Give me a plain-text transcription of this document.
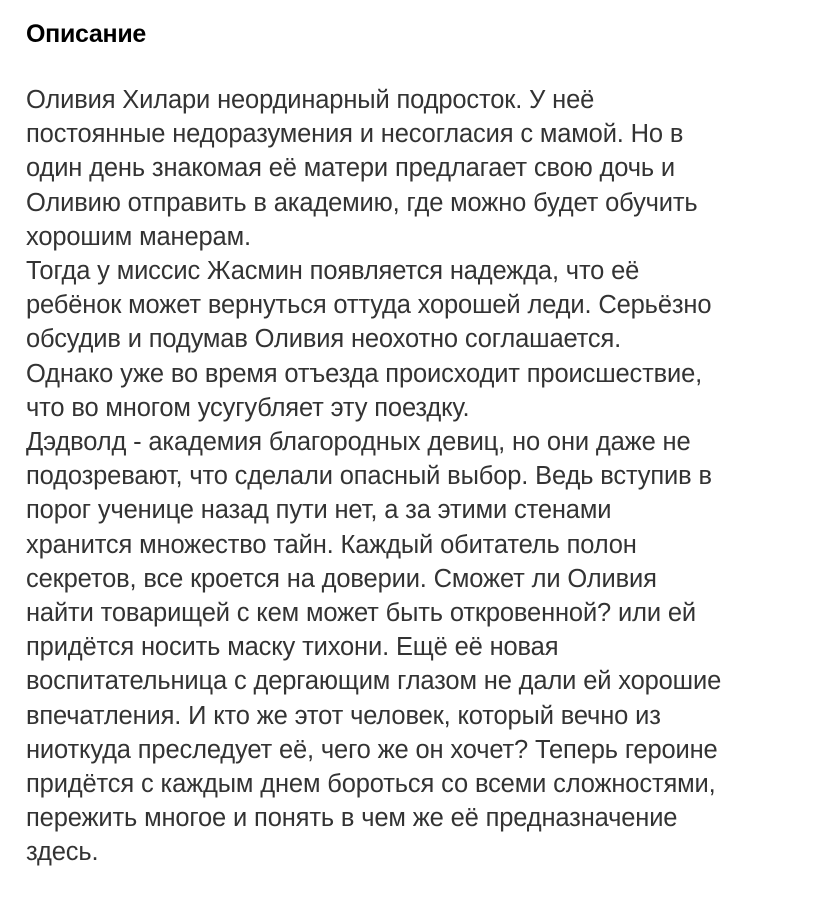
Описание
Оливия Хилари неординарный подросток. У неё
постоянные недоразумения и несогласия с мамой. Но в
один день знакомая её матери предлагает свою дочь и
Оливию отправить в академию, где можно будет обучить
хорошим манерам.
Тогда у миссис Жасмин появляется надежда, что её
ребёнок может вернуться оттуда хорошей леди. Серьёзно
обсудив и подумав Оливия неохотно соглашается.
Однако уже во время отъезда происходит происшествие,
что во многом усугубляет эту поездку.
Дэдволд - академия благородных девиц, но они даже не
подозревают, что сделали опасный выбор. Ведь вступив в
порог ученице назад пути нет, а за этими стенами
хранится множество тайн. Каждый обитатель полон
секретов, все кроется на доверии. Сможет ли Оливия
найти товарищей с кем может быть откровенной? или ей
придётся носить маску тихони. Ещё её новая
воспитательница с дергающим глазом не дали ей хорошие
впечатления. И кто же этот человек, который вечно из
ниоткуда преследует её, чего же он хочет? Теперь героине
придётся с каждым днем бороться со всеми сложностями,
пережить многое и понять в чем же её предназначение
здесь.
